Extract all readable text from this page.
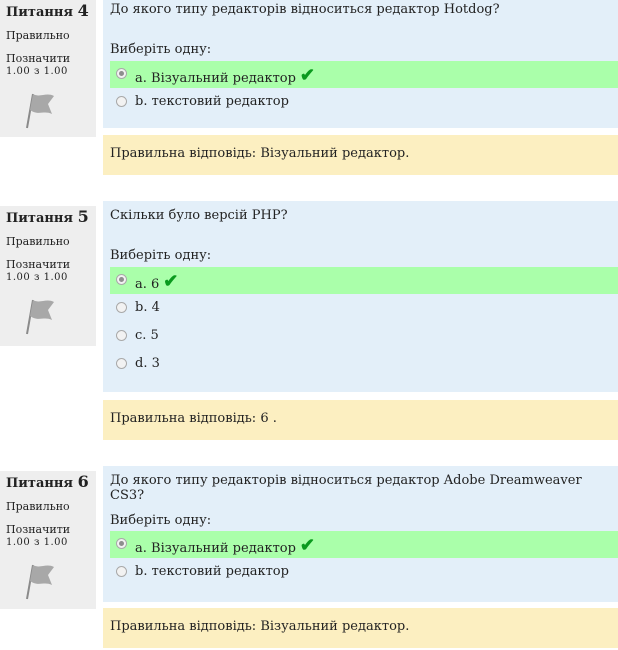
Питання 4
Правильно
Позначити
1.00 з 1.00
До якого типу редакторів відноситься редактор Hotdog?
Виберіть одну:
a. Візуальний редактор ✔
b. текстовий редактор
Правильна відповідь: Візуальний редактор.
Питання 5
Правильно
Позначити
1.00 з 1.00
Скільки було версій PHP?
Виберіть одну:
a. 6 ✔
b. 4
c. 5
d. 3
Правильна відповідь: 6 .
Питання 6
Правильно
Позначити
1.00 з 1.00
До якого типу редакторів відноситься редактор Adobe Dreamweaver CS3?
Виберіть одну:
a. Візуальний редактор ✔
b. текстовий редактор
Правильна відповідь: Візуальний редактор.
